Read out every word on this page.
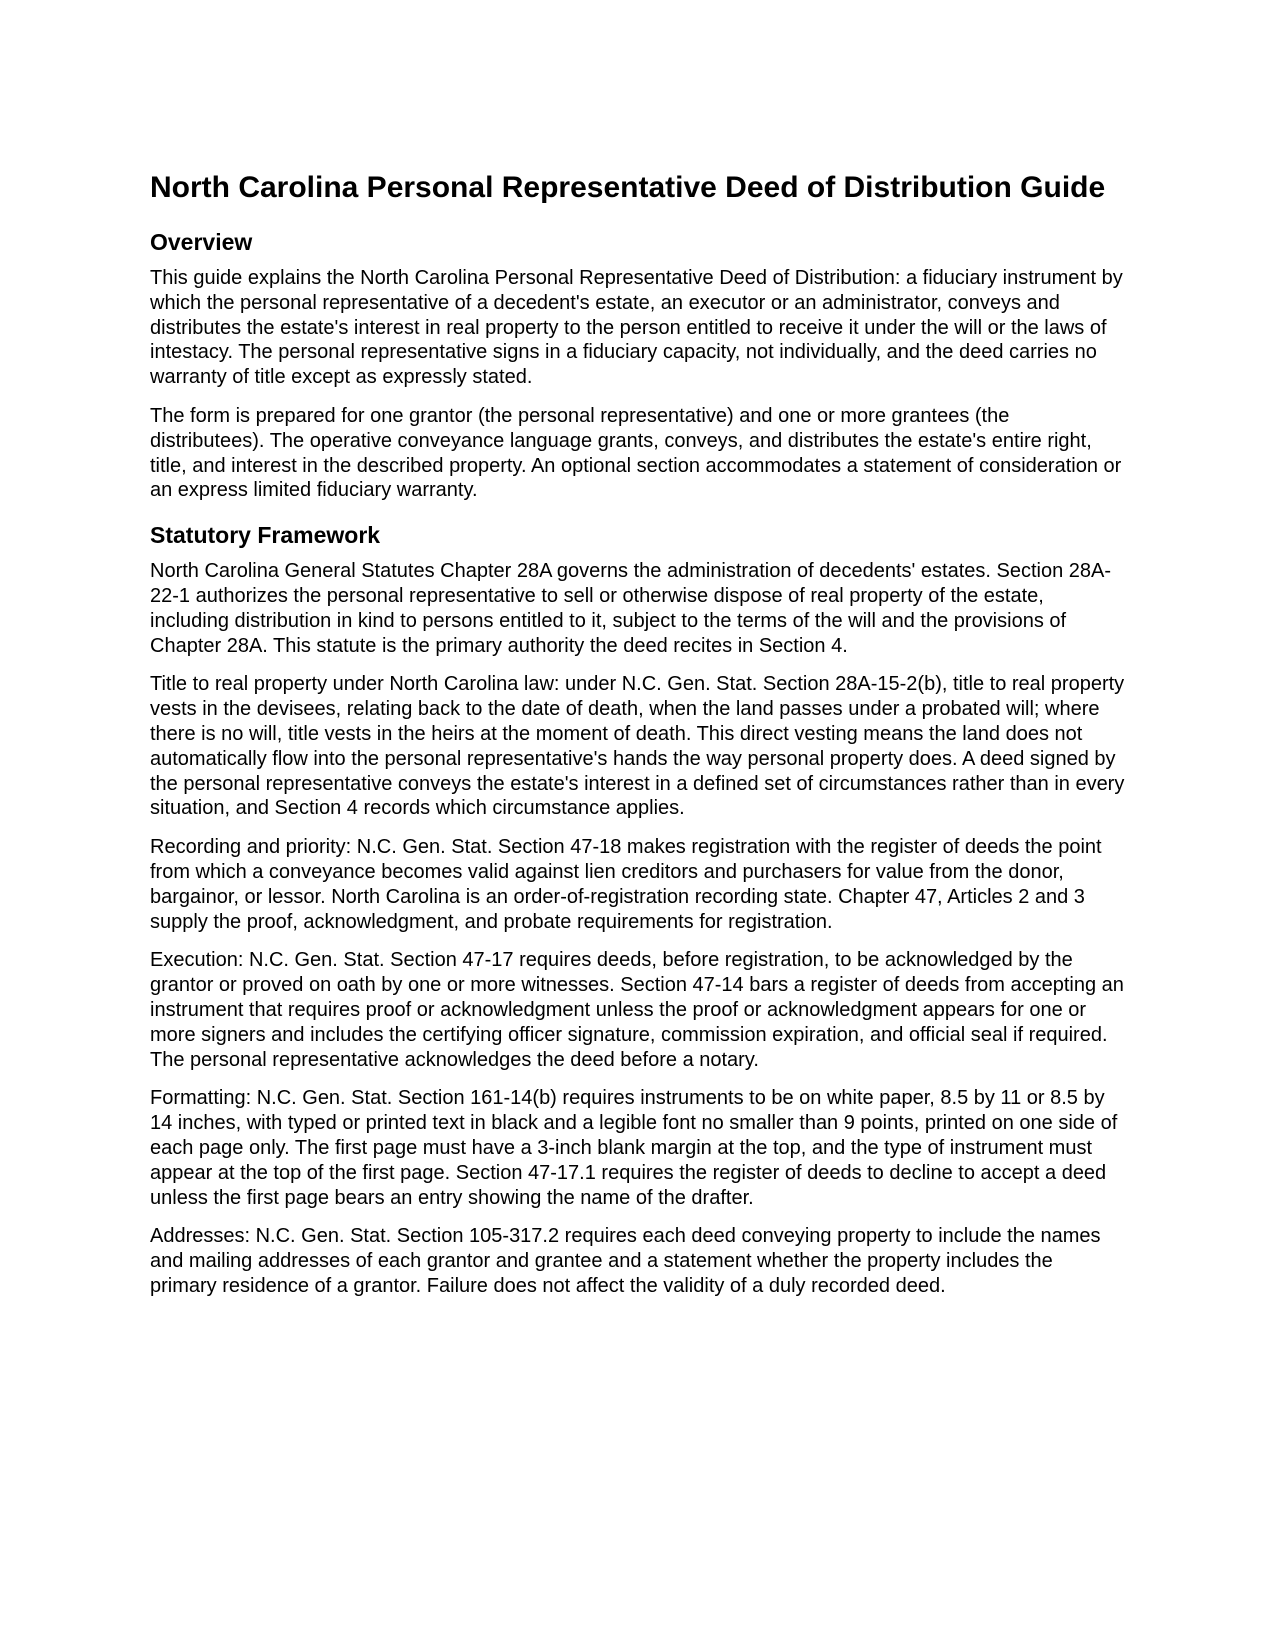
North Carolina Personal Representative Deed of Distribution Guide
Overview

This guide explains the North Carolina Personal Representative Deed of Distribution: a fiduciary instrument by which the personal representative of a decedent's estate, an executor or an administrator, conveys and distributes the estate's interest in real property to the person entitled to receive it under the will or the laws of intestacy. The personal representative signs in a fiduciary capacity, not individually, and the deed carries no warranty of title except as expressly stated.

The form is prepared for one grantor (the personal representative) and one or more grantees (the distributees). The operative conveyance language grants, conveys, and distributes the estate's entire right, title, and interest in the described property. An optional section accommodates a statement of consideration or an express limited fiduciary warranty.

Statutory Framework

North Carolina General Statutes Chapter 28A governs the administration of decedents' estates. Section 28A-22-1 authorizes the personal representative to sell or otherwise dispose of real property of the estate, including distribution in kind to persons entitled to it, subject to the terms of the will and the provisions of Chapter 28A. This statute is the primary authority the deed recites in Section 4.

Title to real property under North Carolina law: under N.C. Gen. Stat. Section 28A-15-2(b), title to real property vests in the devisees, relating back to the date of death, when the land passes under a probated will; where there is no will, title vests in the heirs at the moment of death. This direct vesting means the land does not automatically flow into the personal representative's hands the way personal property does. A deed signed by the personal representative conveys the estate's interest in a defined set of circumstances rather than in every situation, and Section 4 records which circumstance applies.

Recording and priority: N.C. Gen. Stat. Section 47-18 makes registration with the register of deeds the point from which a conveyance becomes valid against lien creditors and purchasers for value from the donor, bargainor, or lessor. North Carolina is an order-of-registration recording state. Chapter 47, Articles 2 and 3 supply the proof, acknowledgment, and probate requirements for registration.

Execution: N.C. Gen. Stat. Section 47-17 requires deeds, before registration, to be acknowledged by the grantor or proved on oath by one or more witnesses. Section 47-14 bars a register of deeds from accepting an instrument that requires proof or acknowledgment unless the proof or acknowledgment appears for one or more signers and includes the certifying officer signature, commission expiration, and official seal if required. The personal representative acknowledges the deed before a notary.

Formatting: N.C. Gen. Stat. Section 161-14(b) requires instruments to be on white paper, 8.5 by 11 or 8.5 by 14 inches, with typed or printed text in black and a legible font no smaller than 9 points, printed on one side of each page only. The first page must have a 3-inch blank margin at the top, and the type of instrument must appear at the top of the first page. Section 47-17.1 requires the register of deeds to decline to accept a deed unless the first page bears an entry showing the name of the drafter.

Addresses: N.C. Gen. Stat. Section 105-317.2 requires each deed conveying property to include the names and mailing addresses of each grantor and grantee and a statement whether the property includes the primary residence of a grantor. Failure does not affect the validity of a duly recorded deed.
